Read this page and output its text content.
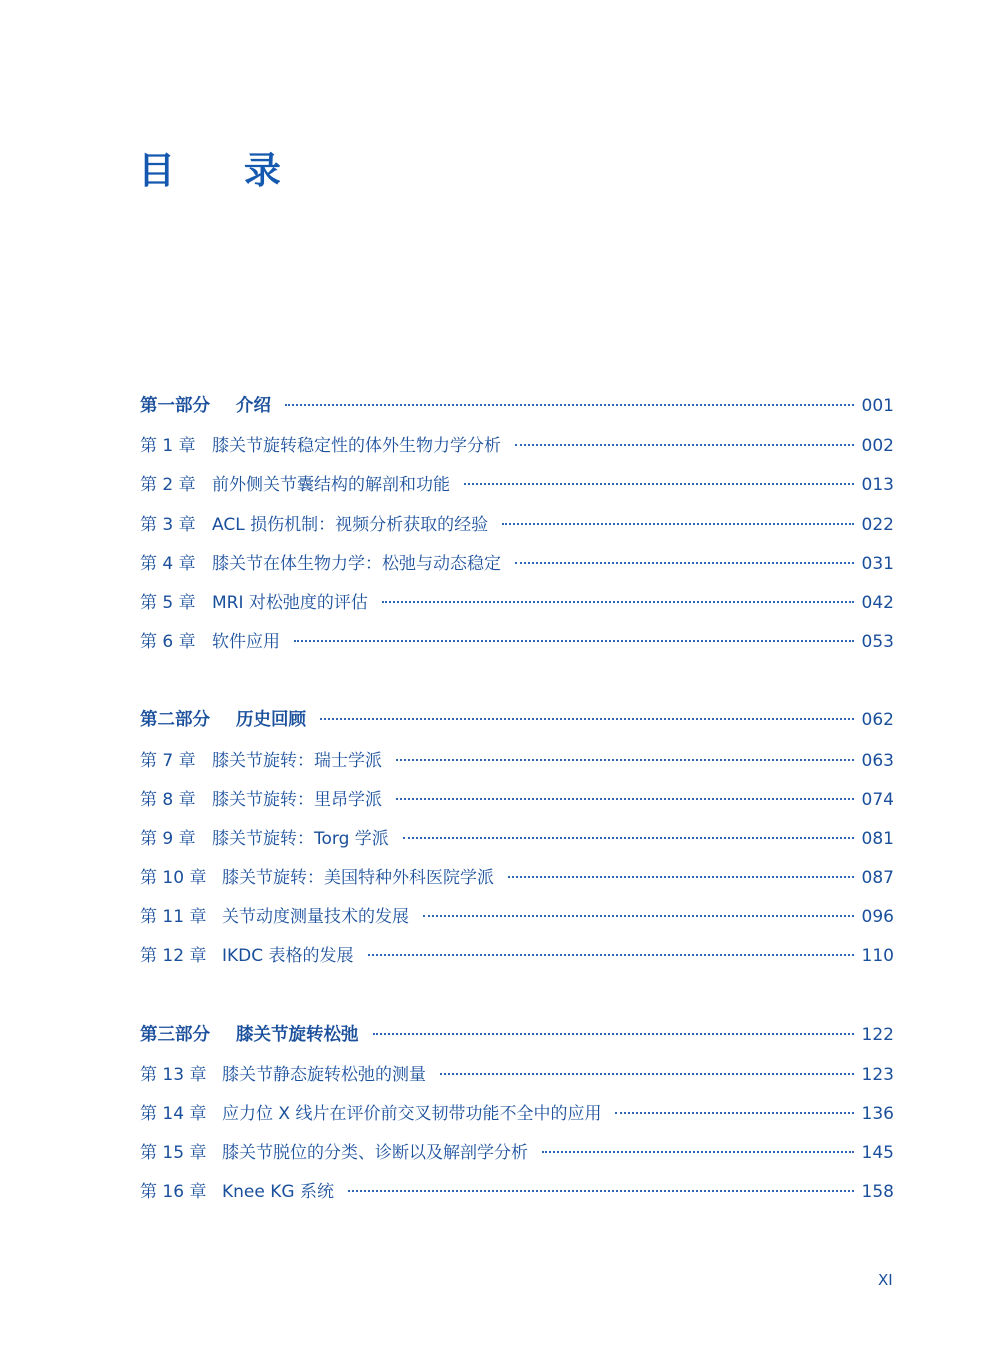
目 录
第一部分	介绍	001
第 1 章 膝关节旋转稳定性的体外生物力学分析	002
第 2 章 前外侧关节囊结构的解剖和功能	013
第 3 章 ACL 损伤机制：视频分析获取的经验	022
第 4 章 膝关节在体生物力学：松弛与动态稳定	031
第 5 章 MRI 对松弛度的评估	042
第 6 章 软件应用	053
第二部分	历史回顾	062
第 7 章 膝关节旋转：瑞士学派	063
第 8 章 膝关节旋转：里昂学派	074
第 9 章 膝关节旋转：Torg 学派	081
第 10 章 膝关节旋转：美国特种外科医院学派	087
第 11 章 关节动度测量技术的发展	096
第 12 章 IKDC 表格的发展	110
第三部分	膝关节旋转松弛	122
第 13 章 膝关节静态旋转松弛的测量	123
第 14 章 应力位 X 线片在评价前交叉韧带功能不全中的应用	136
第 15 章 膝关节脱位的分类、诊断以及解剖学分析	145
第 16 章 Knee KG 系统	158
XI
